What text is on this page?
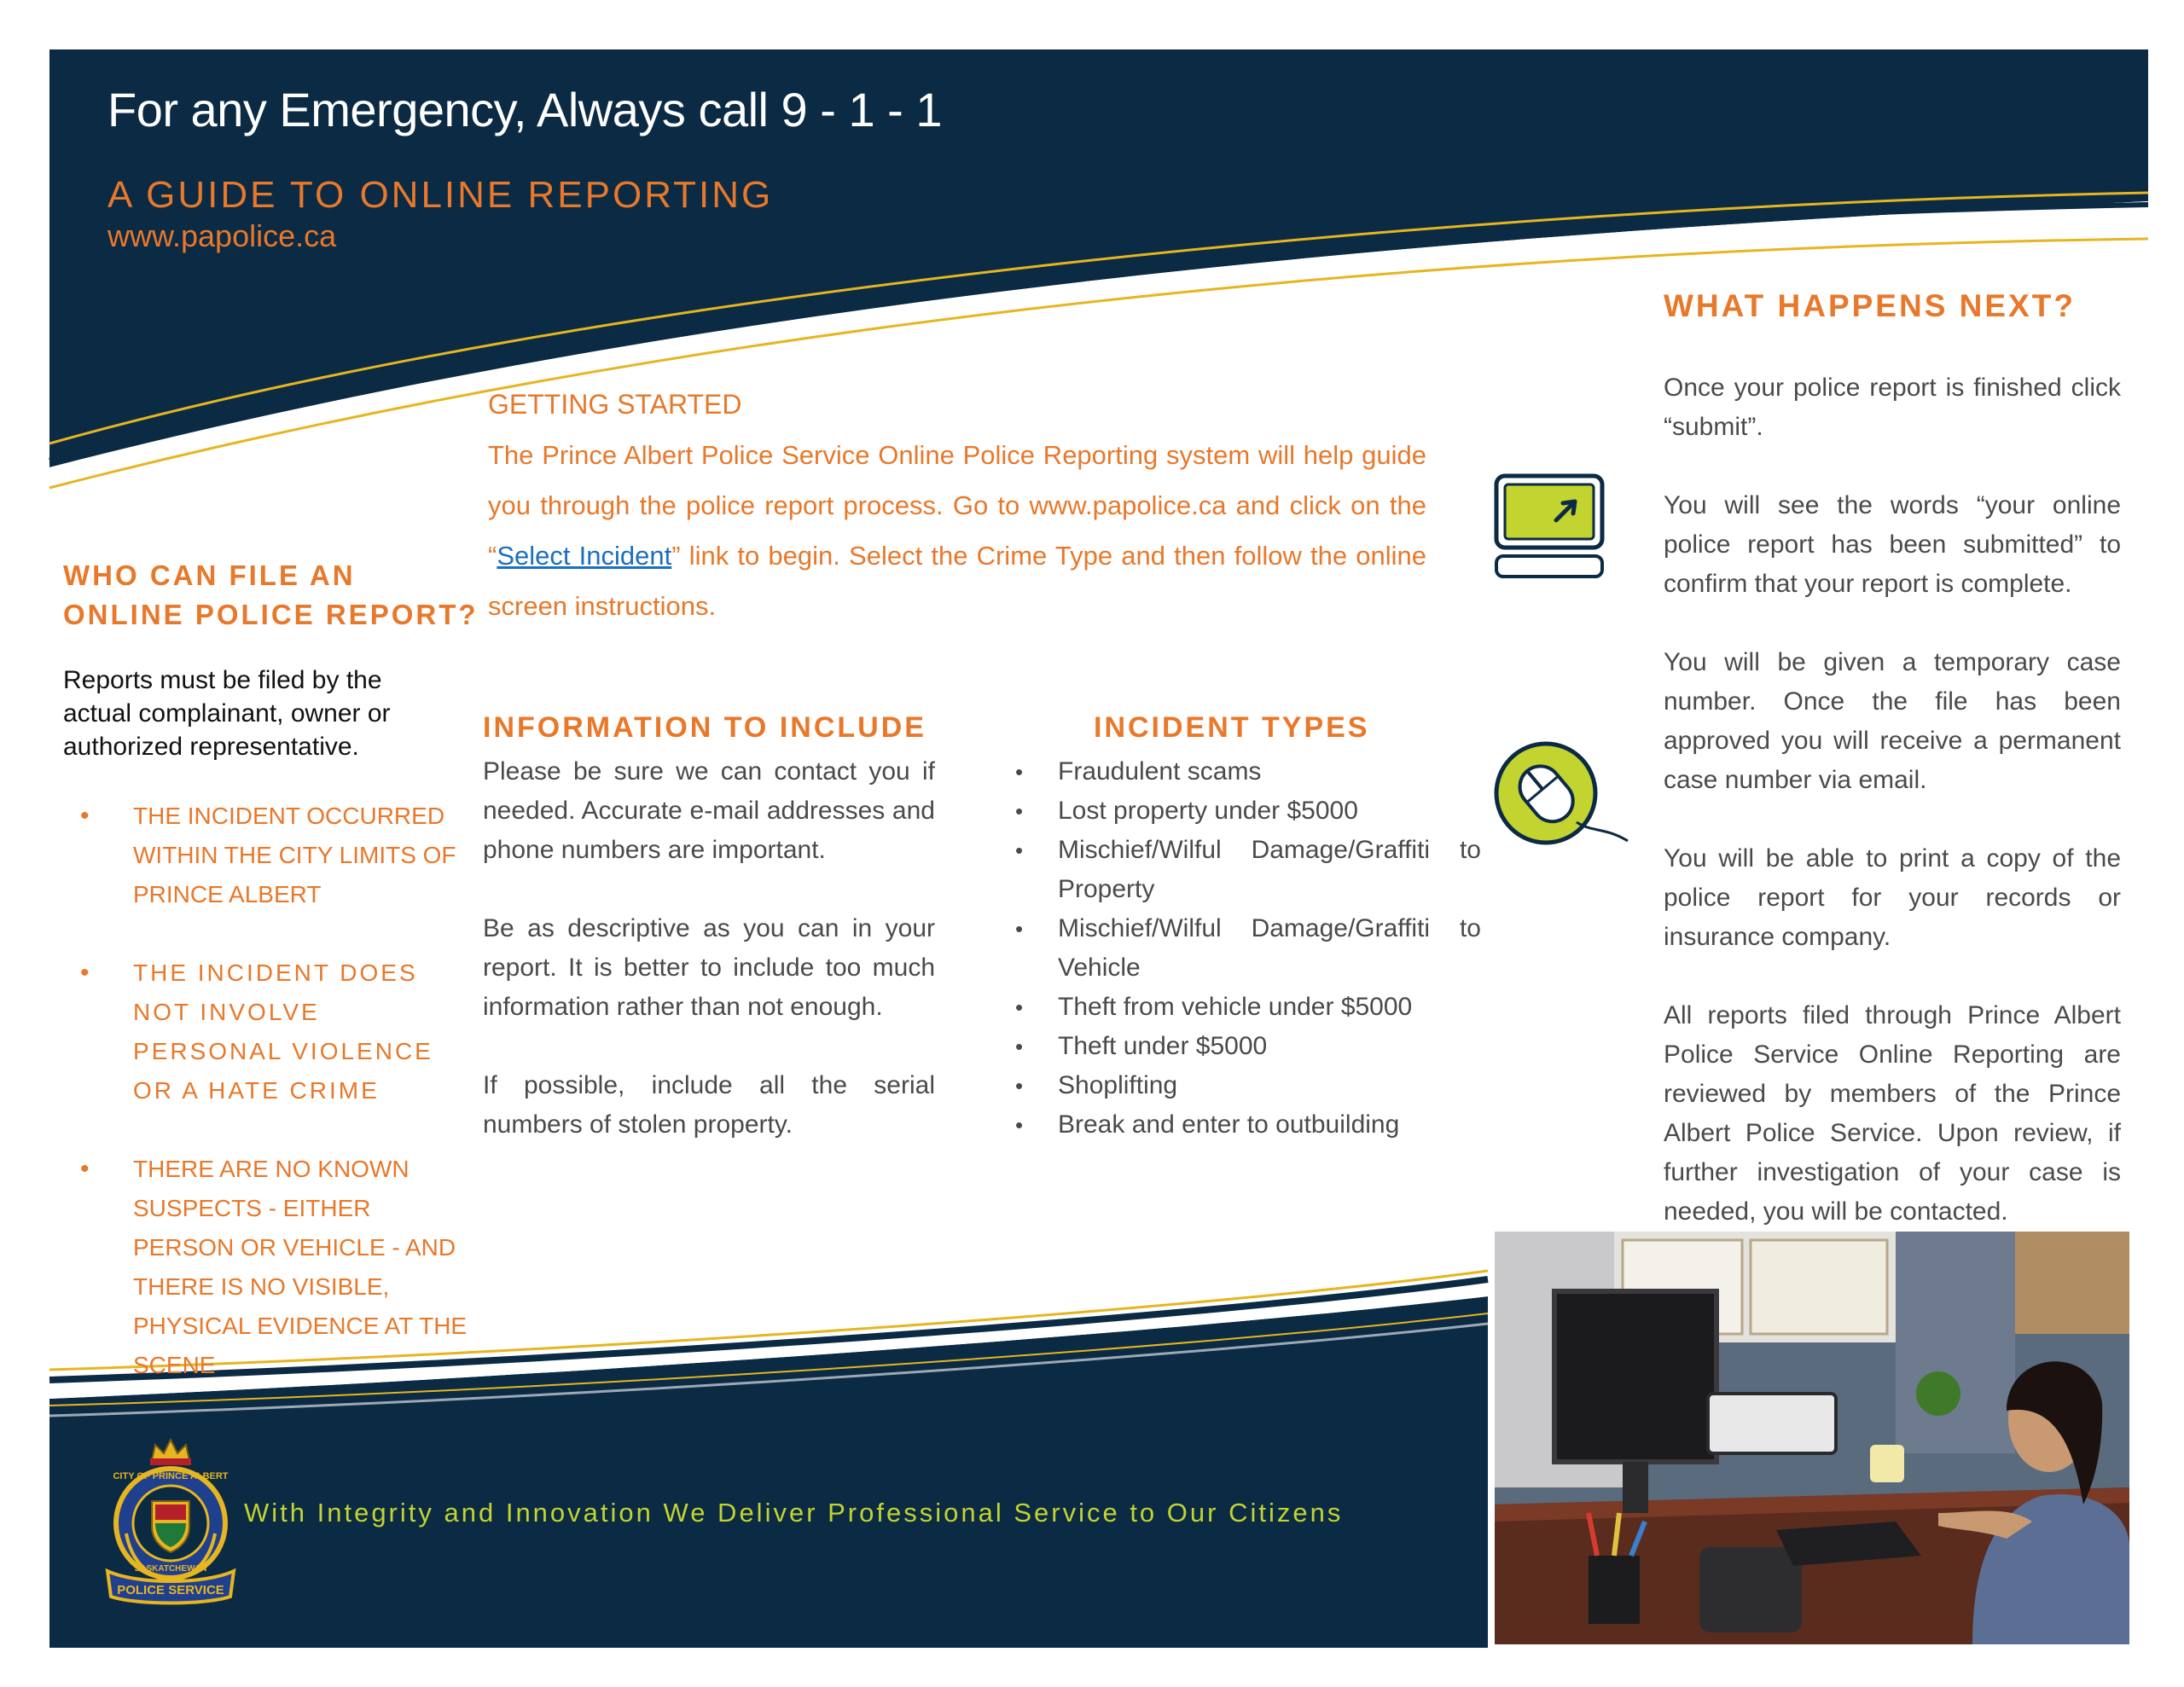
For any Emergency, Always call 9 - 1 - 1
A GUIDE TO ONLINE REPORTING
www.papolice.ca
GETTING STARTED
The Prince Albert Police Service Online Police Reporting system will help guide you through the police report process. Go to www.papolice.ca and click on the “Select Incident” link to begin. Select the Crime Type and then follow the online screen instructions.
WHO CAN FILE AN ONLINE POLICE REPORT?
Reports must be filed by the actual complainant, owner or authorized representative.
• THE INCIDENT OCCURRED WITHIN THE CITY LIMITS OF PRINCE ALBERT
• THE INCIDENT DOES NOT INVOLVE PERSONAL VIOLENCE OR A HATE CRIME
• THERE ARE NO KNOWN SUSPECTS - EITHER PERSON OR VEHICLE - AND THERE IS NO VISIBLE, PHYSICAL EVIDENCE AT THE SCENE
INFORMATION TO INCLUDE

Please be sure we can contact you if needed. Accurate e-mail addresses and phone numbers are important.

Be as descriptive as you can in your report. It is better to include too much information rather than not enough.

If possible, include all the serial numbers of stolen property.

INCIDENT TYPES
• Fraudulent scams
• Lost property under $5000
• Mischief/Wilful Damage/Graffiti to Property
• Mischief/Wilful Damage/Graffiti to Vehicle
• Theft from vehicle under $5000
• Theft under $5000
• Shoplifting
• Break and enter to outbuilding
WHAT HAPPENS NEXT?

Once your police report is finished click “submit”.

You will see the words “your online police report has been submitted” to confirm that your report is complete.

You will be given a temporary case number. Once the file has been approved you will receive a permanent case number via email.

You will be able to print a copy of the police report for your records or insurance company.

All reports filed through Prince Albert Police Service Online Reporting are reviewed by members of the Prince Albert Police Service. Upon review, if further investigation of your case is needed, you will be contacted.

CITY OF PRINCE ALBERT
SASKATCHEWAN
POLICE SERVICE
With Integrity and Innovation We Deliver Professional Service to Our Citizens
